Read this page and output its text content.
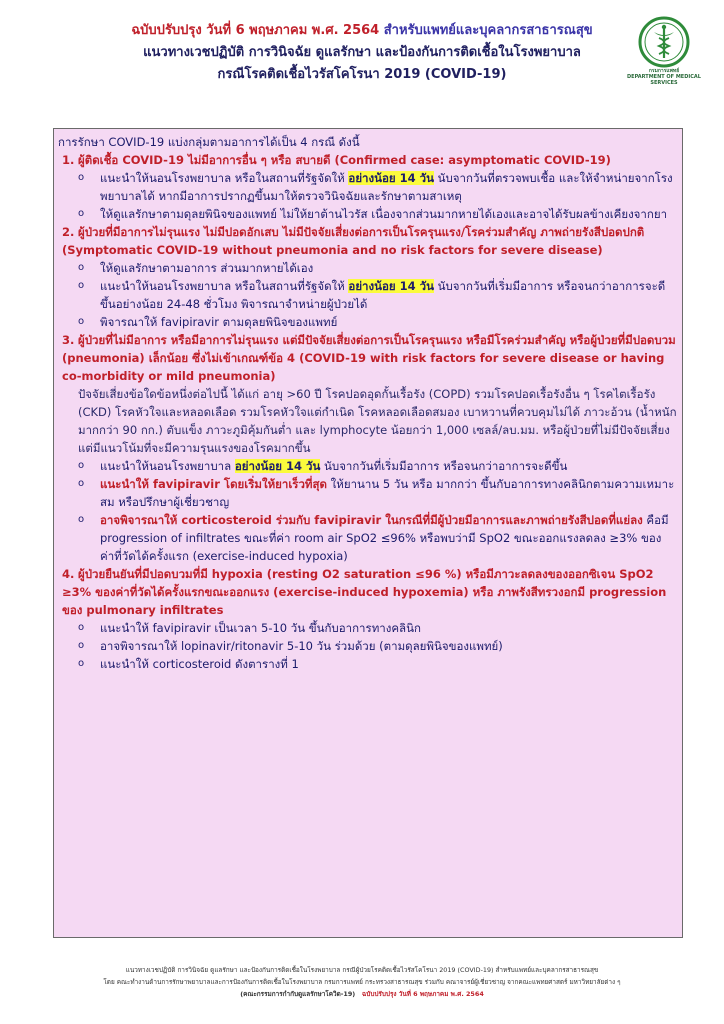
ฉบับปรับปรุง วันที่ 6 พฤษภาคม พ.ศ. 2564 สำหรับแพทย์และบุคลากรสาธารณสุข
แนวทางเวชปฏิบัติ การวินิจฉัย ดูแลรักษา และป้องกันการติดเชื้อในโรงพยาบาล
กรณีโรคติดเชื้อไวรัสโคโรนา 2019 (COVID-19)	กรมการแพทย์
DEPARTMENT OF MEDICAL SERVICES
การรักษา COVID-19 แบ่งกลุ่มตามอาการได้เป็น 4 กรณี ดังนี้
1. ผู้ติดเชื้อ COVID-19 ไม่มีอาการอื่น ๆ หรือ สบายดี (Confirmed case: asymptomatic COVID-19)
o แนะนำให้นอนโรงพยาบาล หรือในสถานที่รัฐจัดให้ อย่างน้อย 14 วัน นับจากวันที่ตรวจพบเชื้อ และให้จำหน่ายจากโรงพยาบาลได้ หากมีอาการปรากฏขึ้นมาให้ตรวจวินิจฉัยและรักษาตามสาเหตุ
o ให้ดูแลรักษาตามดุลยพินิจของแพทย์ ไม่ให้ยาต้านไวรัส เนื่องจากส่วนมากหายได้เองและอาจได้รับผลข้างเคียงจากยา
2. ผู้ป่วยที่มีอาการไม่รุนแรง ไม่มีปอดอักเสบ ไม่มีปัจจัยเสี่ยงต่อการเป็นโรครุนแรง/โรคร่วมสำคัญ ภาพถ่ายรังสีปอดปกติ (Symptomatic COVID-19 without pneumonia and no risk factors for severe disease)
o ให้ดูแลรักษาตามอาการ ส่วนมากหายได้เอง
o แนะนำให้นอนโรงพยาบาล หรือในสถานที่รัฐจัดให้ อย่างน้อย 14 วัน นับจากวันที่เริ่มมีอาการ หรือจนกว่าอาการจะดีขึ้นอย่างน้อย 24-48 ชั่วโมง พิจารณาจำหน่ายผู้ป่วยได้
o พิจารณาให้ favipiravir ตามดุลยพินิจของแพทย์
3. ผู้ป่วยที่ไม่มีอาการ หรือมีอาการไม่รุนแรง แต่มีปัจจัยเสี่ยงต่อการเป็นโรครุนแรง หรือมีโรคร่วมสำคัญ หรือผู้ป่วยที่มีปอดบวม (pneumonia) เล็กน้อย ซึ่งไม่เข้าเกณฑ์ข้อ 4 (COVID-19 with risk factors for severe disease or having co-morbidity or mild pneumonia)
ปัจจัยเสี่ยงข้อใดข้อหนึ่งต่อไปนี้ ได้แก่ อายุ >60 ปี โรคปอดอุดกั้นเรื้อรัง (COPD) รวมโรคปอดเรื้อรังอื่น ๆ โรคไตเรื้อรัง (CKD) โรคหัวใจและหลอดเลือด รวมโรคหัวใจแต่กำเนิด โรคหลอดเลือดสมอง เบาหวานที่ควบคุมไม่ได้ ภาวะอ้วน (น้ำหนักมากกว่า 90 กก.) ตับแข็ง ภาวะภูมิคุ้มกันต่ำ และ lymphocyte น้อยกว่า 1,000 เซลล์/ลบ.มม. หรือผู้ป่วยที่ไม่มีปัจจัยเสี่ยงแต่มีแนวโน้มที่จะมีความรุนแรงของโรคมากขึ้น
o แนะนำให้นอนโรงพยาบาล อย่างน้อย 14 วัน นับจากวันที่เริ่มมีอาการ หรือจนกว่าอาการจะดีขึ้น
o แนะนำให้ favipiravir โดยเริ่มให้ยาเร็วที่สุด ให้ยานาน 5 วัน หรือ มากกว่า ขึ้นกับอาการทางคลินิกตามความเหมาะสม หรือปรึกษาผู้เชี่ยวชาญ
o อาจพิจารณาให้ corticosteroid ร่วมกับ favipiravir ในกรณีที่มีผู้ป่วยมีอาการและภาพถ่ายรังสีปอดที่แย่ลง คือมี progression of infiltrates ขณะที่ค่า room air SpO2 ≤96% หรือพบว่ามี SpO2 ขณะออกแรงลดลง ≥3% ของค่าที่วัดได้ครั้งแรก (exercise-induced hypoxia)
4. ผู้ป่วยยืนยันที่มีปอดบวมที่มี hypoxia (resting O2 saturation ≤96 %) หรือมีภาวะลดลงของออกซิเจน SpO2 ≥3% ของค่าที่วัดได้ครั้งแรกขณะออกแรง (exercise-induced hypoxemia) หรือ ภาพรังสีทรวงอกมี progression ของ pulmonary infiltrates
o แนะนำให้ favipiravir เป็นเวลา 5-10 วัน ขึ้นกับอาการทางคลินิก
o อาจพิจารณาให้ lopinavir/ritonavir 5-10 วัน ร่วมด้วย (ตามดุลยพินิจของแพทย์)
o แนะนำให้ corticosteroid ดังตารางที่ 1
แนวทางเวชปฏิบัติ การวินิจฉัย ดูแลรักษา และป้องกันการติดเชื้อในโรงพยาบาล กรณีผู้ป่วยโรคติดเชื้อไวรัสโคโรนา 2019 (COVID-19) สำหรับแพทย์และบุคลากรสาธารณสุข
โดย คณะทำงานด้านการรักษาพยาบาลและการป้องกันการติดเชื้อในโรงพยาบาล กรมการแพทย์ กระทรวงสาธารณสุข ร่วมกับ คณาจารย์ผู้เชี่ยวชาญ จากคณะแพทยศาสตร์ มหาวิทยาลัยต่าง ๆ
(คณะกรรมการกำกับดูแลรักษาโควิด-19) ฉบับปรับปรุง วันที่ 6 พฤษภาคม พ.ศ. 2564
